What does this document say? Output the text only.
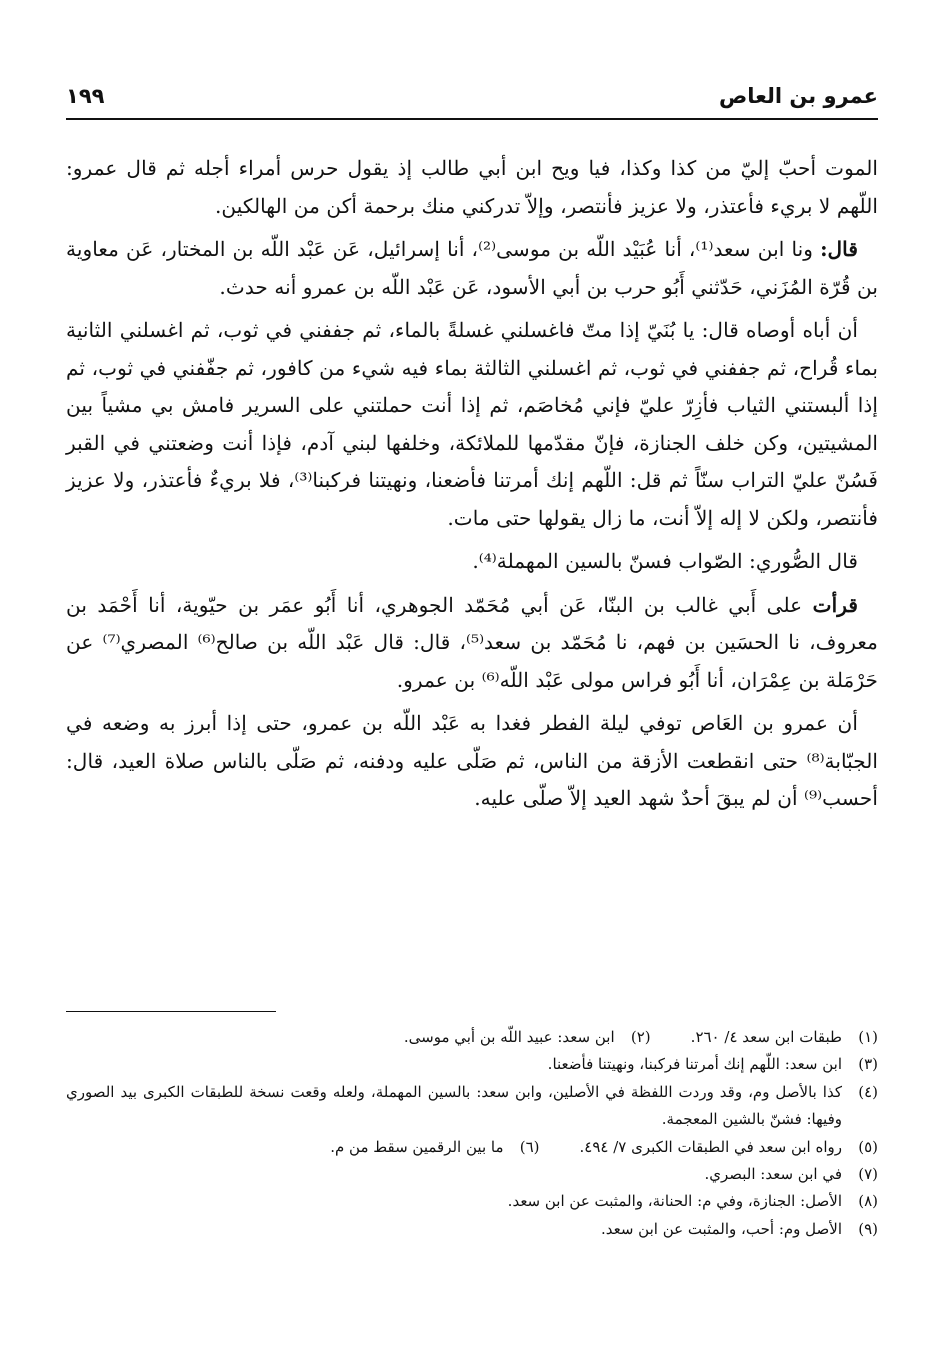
عمرو بن العاص
١٩٩

الموت أحبّ إليّ من كذا وكذا، فيا ويح ابن أبي طالب إذ يقول حرس أمراء أجله ثم قال عمرو: اللّهم لا بريء فأعتذر، ولا عزيز فأنتصر، وإلاّ تدركني منك برحمة أكن من الهالكين.

قال: ونا ابن سعد⁽¹⁾، أنا عُبَيْد اللّه بن موسى⁽²⁾، أنا إسرائيل، عَن عَبْد اللّه بن المختار، عَن معاوية بن قُرّة المُزَني، حَدّثني أَبُو حرب بن أبي الأسود، عَن عَبْد اللّه بن عمرو أنه حدث.

أن أباه أوصاه قال: يا بُنَيّ إذا متّ فاغسلني غسلةً بالماء، ثم جففني في ثوب، ثم اغسلني الثانية بماء قُراح، ثم جففني في ثوب، ثم اغسلني الثالثة بماء فيه شيء من كافور، ثم جفّفني في ثوب، ثم إذا ألبستني الثياب فأزِرّ عليّ فإني مُخاصَم، ثم إذا أنت حملتني على السرير فامش بي مشياً بين المشيتين، وكن خلف الجنازة، فإنّ مقدّمها للملائكة، وخلفها لبني آدم، فإذا أنت وضعتني في القبر فَسُنّ عليّ التراب سنّاً ثم قل: اللّهم إنك أمرتنا فأضعنا، ونهيتنا فركبنا⁽³⁾، فلا بريءٌ فأعتذر، ولا عزيز فأنتصر، ولكن لا إله إلاّ أنت، ما زال يقولها حتى مات.

قال الصُّوري: الصّواب فسنّ بالسين المهملة⁽⁴⁾.

قرأت على أَبي غالب بن البنّا، عَن أبي مُحَمّد الجوهري، أنا أَبُو عمَر بن حيّوية، أنا أَحْمَد بن معروف، نا الحسَين بن فهم، نا مُحَمّد بن سعد⁽⁵⁾، قال: قال عَبْد اللّه بن صالح⁽⁶⁾ المصري⁽⁷⁾ عن حَرْمَلة بن عِمْرَان، أنا أَبُو فراس مولى عَبْد اللّه⁽⁶⁾ بن عمرو.

أن عمرو بن العَاص توفي ليلة الفطر فغدا به عَبْد اللّه بن عمرو، حتى إذا أبرز به وضعه في الجبّابة⁽⁸⁾ حتى انقطعت الأزقة من الناس، ثم صَلّى عليه ودفنه، ثم صَلّى بالناس صلاة العيد، قال: أحسب⁽⁹⁾ أن لم يبقَ أحدٌ شهد العيد إلاّ صلّى عليه.

(١)
طبقات ابن سعد ٤/ ٢٦٠.
(٢)
ابن سعد: عبيد اللّه بن أبي موسى.
(٣)
ابن سعد: اللّهم إنك أمرتنا فركبنا، ونهيتنا فأضعنا.
(٤)
كذا بالأصل وم، وقد وردت اللفظة في الأصلين، وابن سعد: بالسين المهملة، ولعله وقعت نسخة للطبقات الكبرى بيد الصوري وفيها: فشنّ بالشين المعجمة.
(٥)
رواه ابن سعد في الطبقات الكبرى ٧/ ٤٩٤.
(٦)
ما بين الرقمين سقط من م.
(٧)
في ابن سعد: البصري.
(٨)
الأصل: الجنازة، وفي م: الحنانة، والمثبت عن ابن سعد.
(٩)
الأصل وم: أحب، والمثبت عن ابن سعد.
